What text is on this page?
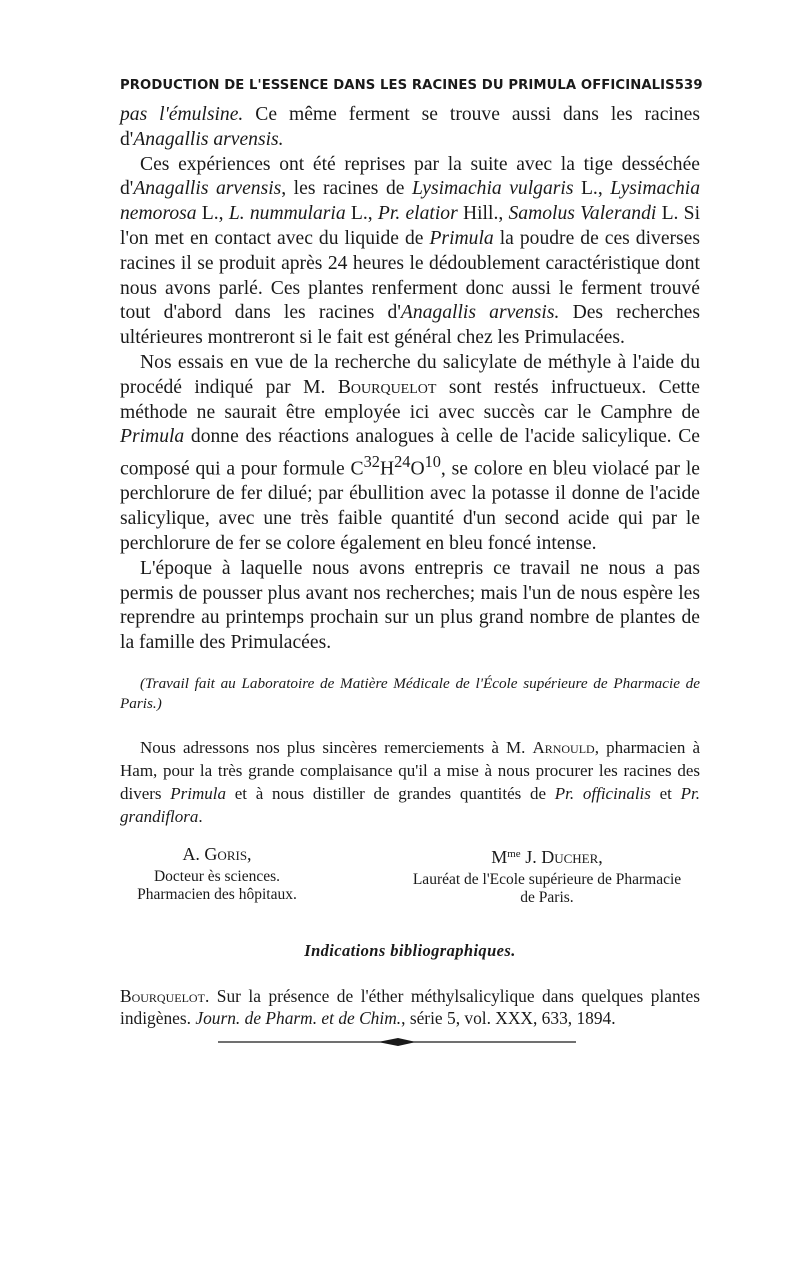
PRODUCTION DE L'ESSENCE DANS LES RACINES DU PRIMULA OFFICINALIS 539

pas l'émulsine. Ce même ferment se trouve aussi dans les racines d'Anagallis arvensis.

Ces expériences ont été reprises par la suite avec la tige desséchée d'Anagallis arvensis, les racines de Lysimachia vulgaris L., Lysimachia nemorosa L., L. nummularia L., Pr. elatior Hill., Samolus Valerandi L. Si l'on met en contact avec du liquide de Primula la poudre de ces diverses racines il se produit après 24 heures le dédoublement caractéristique dont nous avons parlé. Ces plantes renferment donc aussi le ferment trouvé tout d'abord dans les racines d'Anagallis arvensis. Des recherches ultérieures montreront si le fait est général chez les Primulacées.

Nos essais en vue de la recherche du salicylate de méthyle à l'aide du procédé indiqué par M. Bourquelot sont restés infructueux. Cette méthode ne saurait être employée ici avec succès car le Camphre de Primula donne des réactions analogues à celle de l'acide salicylique. Ce composé qui a pour formule $C^{32}H^{24}O^{10}$, se colore en bleu violacé par le perchlorure de fer dilué; par ébullition avec la potasse il donne de l'acide salicylique, avec une très faible quantité d'un second acide qui par le perchlorure de fer se colore également en bleu foncé intense.

L'époque à laquelle nous avons entrepris ce travail ne nous a pas permis de pousser plus avant nos recherches; mais l'un de nous espère les reprendre au printemps prochain sur un plus grand nombre de plantes de la famille des Primulacées.

(Travail fait au Laboratoire de Matière Médicale de l'École supérieure de Pharmacie de Paris.)
Nous adressons nos plus sincères remerciements à M. Arnould, pharmacien à Ham, pour la très grande complaisance qu'il a mise à nous procurer les racines des divers Primula et à nous distiller de grandes quantités de Pr. officinalis et Pr. grandiflora.
A. Goris,
Docteur ès sciences.
Pharmacien des hôpitaux.
$M^{me}$ J. Ducher,
Lauréat de l'Ecole supérieure de Pharmacie
de Paris.
Indications bibliographiques.
Bourquelot. Sur la présence de l'éther méthylsalicylique dans quelques plantes indigènes. Journ. de Pharm. et de Chim., série 5, vol. XXX, 633, 1894.
